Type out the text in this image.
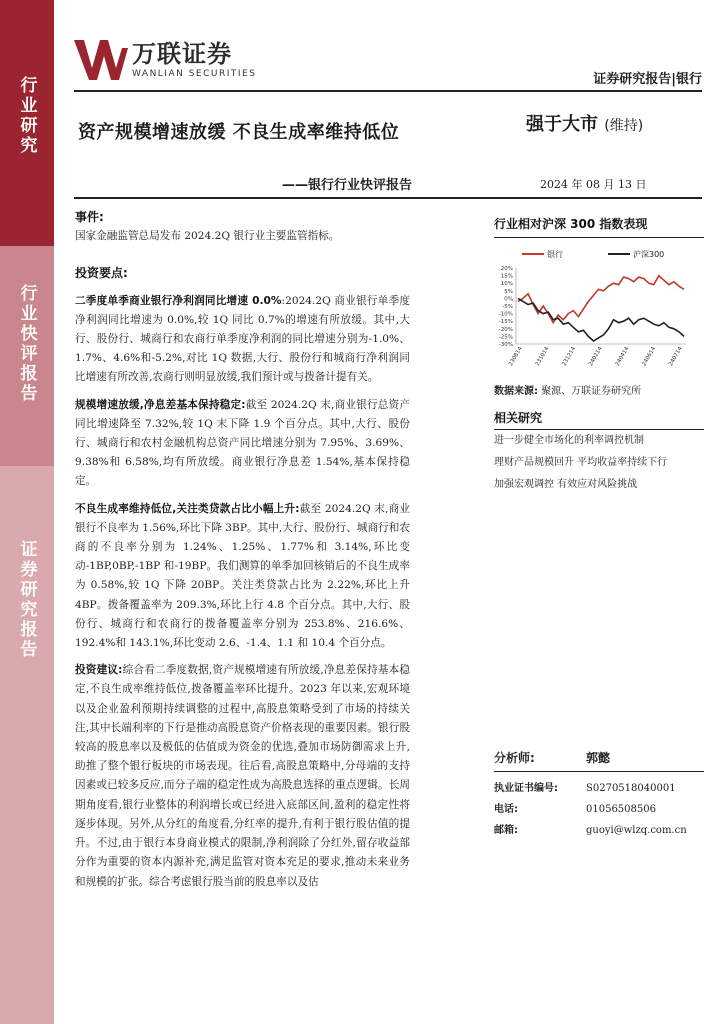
行业研究
行业快评报告
证券研究报告
万联证券
WANLIAN SECURITIES	证券研究报告|银行
资产规模增速放缓 不良生成率维持低位
——银行行业快评报告
强于大市 (维持)
2024 年 08 月 13 日
事件:
国家金融监管总局发布 2024.2Q 银行业主要监管指标。
投资要点:
二季度单季商业银行净利润同比增速 0.0%:2024.2Q 商业银行单季度净利润同比增速为 0.0%,较 1Q 同比 0.7%的增速有所放缓。其中,大行、股份行、城商行和农商行单季度净利润的同比增速分别为-1.0%、1.7%、4.6%和-5.2%,对比 1Q 数据,大行、股份行和城商行净利润同比增速有所改善,农商行则明显放缓,我们预计或与拨备计提有关。
规模增速放缓,净息差基本保持稳定:截至 2024.2Q 末,商业银行总资产同比增速降至 7.32%,较 1Q 末下降 1.9 个百分点。其中,大行、股份行、城商行和农村金融机构总资产同比增速分别为 7.95%、3.69%、9.38%和 6.58%,均有所放缓。商业银行净息差 1.54%,基本保持稳定。
不良生成率维持低位,关注类贷款占比小幅上升:截至 2024.2Q 末,商业银行不良率为 1.56%,环比下降 3BP。其中,大行、股份行、城商行和农商的不良率分别为 1.24%、1.25%、1.77%和 3.14%,环比变动-1BP,0BP,-1BP 和-19BP。我们测算的单季加回核销后的不良生成率为 0.58%,较 1Q 下降 20BP。关注类贷款占比为 2.22%,环比上升 4BP。拨备覆盖率为 209.3%,环比上行 4.8 个百分点。其中,大行、股份行、城商行和农商行的拨备覆盖率分别为 253.8%、216.6%、192.4%和 143.1%,环比变动 2.6、-1.4、1.1 和 10.4 个百分点。
投资建议:综合看二季度数据,资产规模增速有所放缓,净息差保持基本稳定,不良生成率维持低位,拨备覆盖率环比提升。2023 年以来,宏观环境以及企业盈利预期持续调整的过程中,高股息策略受到了市场的持续关注,其中长端利率的下行是推动高股息资产价格表现的重要因素。银行股较高的股息率以及极低的估值成为资金的优选,叠加市场防御需求上升,助推了整个银行板块的市场表现。往后看,高股息策略中,分母端的支持因素或已较多反应,而分子端的稳定性成为高股息选择的重点逻辑。长周期角度看,银行业整体的利润增长或已经进入底部区间,盈利的稳定性将逐步体现。另外,从分红的角度看,分红率的提升,有利于银行股估值的提升。不过,由于银行本身商业模式的限制,净利润除了分红外,留存收益部分作为重要的资本内源补充,满足监管对资本充足的要求,推动未来业务和规模的扩张。综合考虑银行股当前的股息率以及估
行业相对沪深 300 指数表现
银行	沪深300
20%
15%
10%
5%
0%
-5%
-10%
-15%
-20%
-25%
-30%
230814 231014 231214 240214 240414 240614 240714
数据来源: 聚源、万联证券研究所
相关研究
进一步健全市场化的利率调控机制
理财产品规模回升 平均收益率持续下行
加强宏观调控 有效应对风险挑战
分析师:	郭懿
执业证书编号:	S0270518040001
电话:	01056508506
邮箱:	guoyi@wlzq.com.cn
